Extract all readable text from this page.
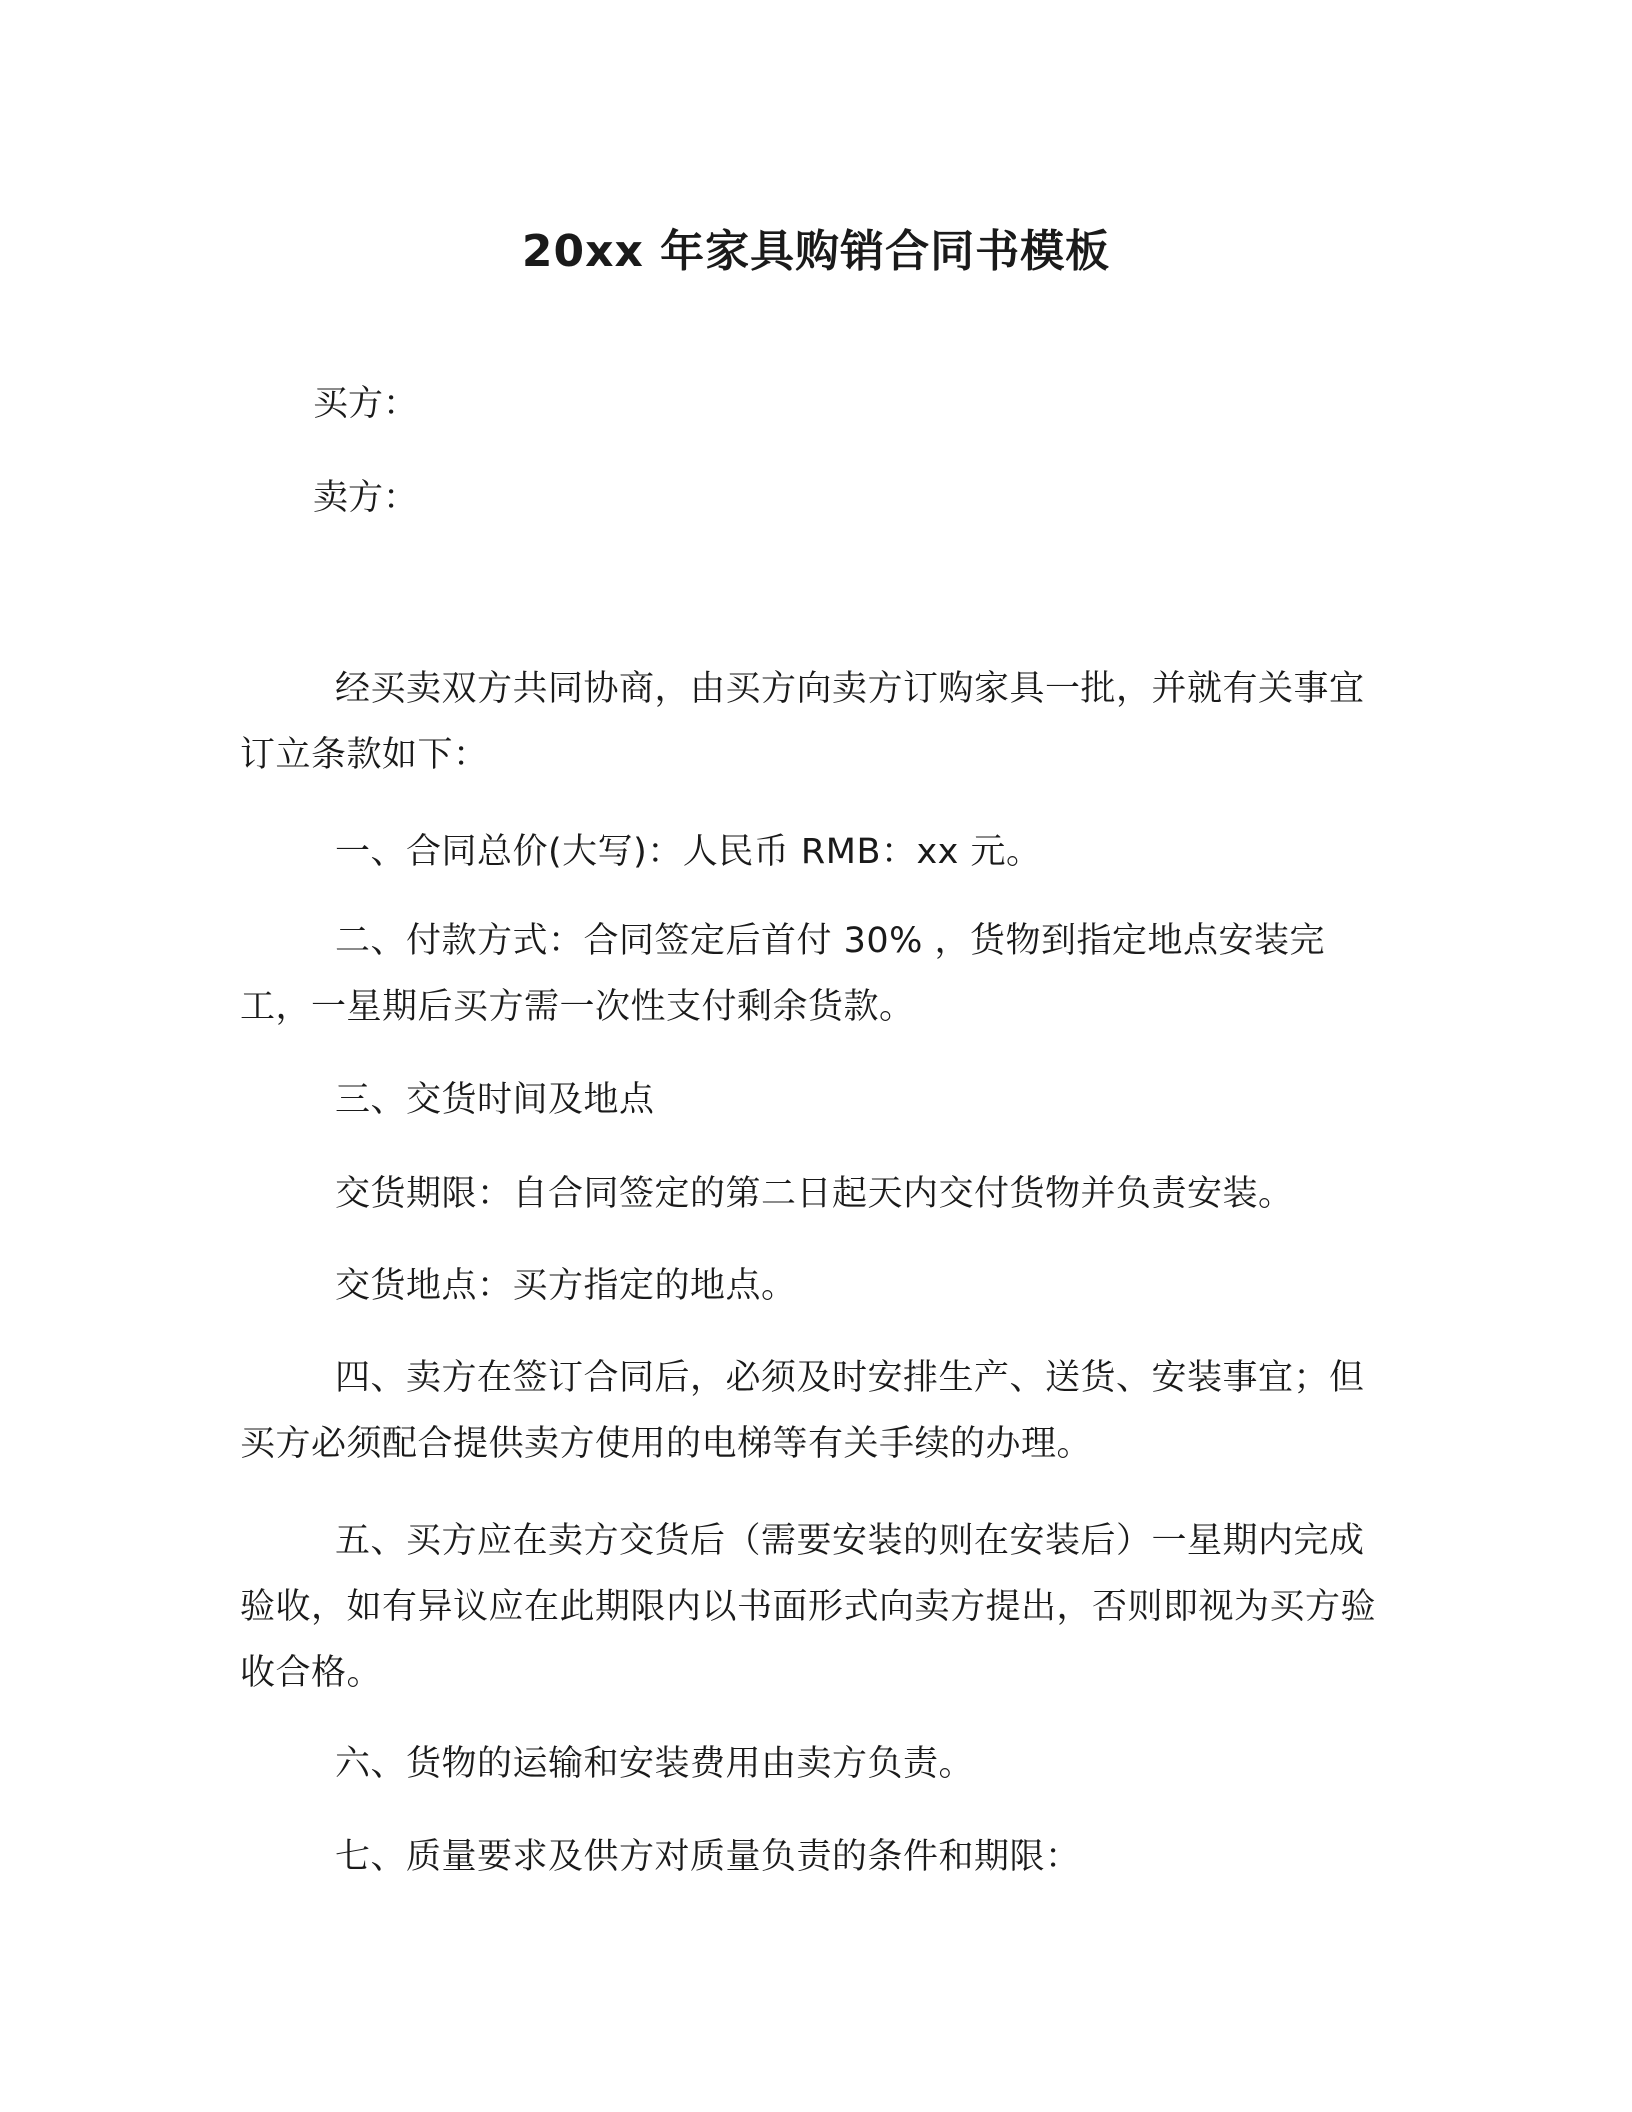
20xx 年家具购销合同书模板

买方：

卖方：

经买卖双方共同协商，由买方向卖方订购家具一批，并就有关事宜订立条款如下：

一、合同总价(大写)：人民币 RMB：xx 元。

二、付款方式：合同签定后首付 30% ，货物到指定地点安装完工，一星期后买方需一次性支付剩余货款。

三、交货时间及地点

交货期限：自合同签定的第二日起天内交付货物并负责安装。

交货地点：买方指定的地点。

四、卖方在签订合同后，必须及时安排生产、送货、安装事宜；但买方必须配合提供卖方使用的电梯等有关手续的办理。

五、买方应在卖方交货后（需要安装的则在安装后）一星期内完成验收，如有异议应在此期限内以书面形式向卖方提出，否则即视为买方验收合格。

六、货物的运输和安装费用由卖方负责。

七、质量要求及供方对质量负责的条件和期限：
